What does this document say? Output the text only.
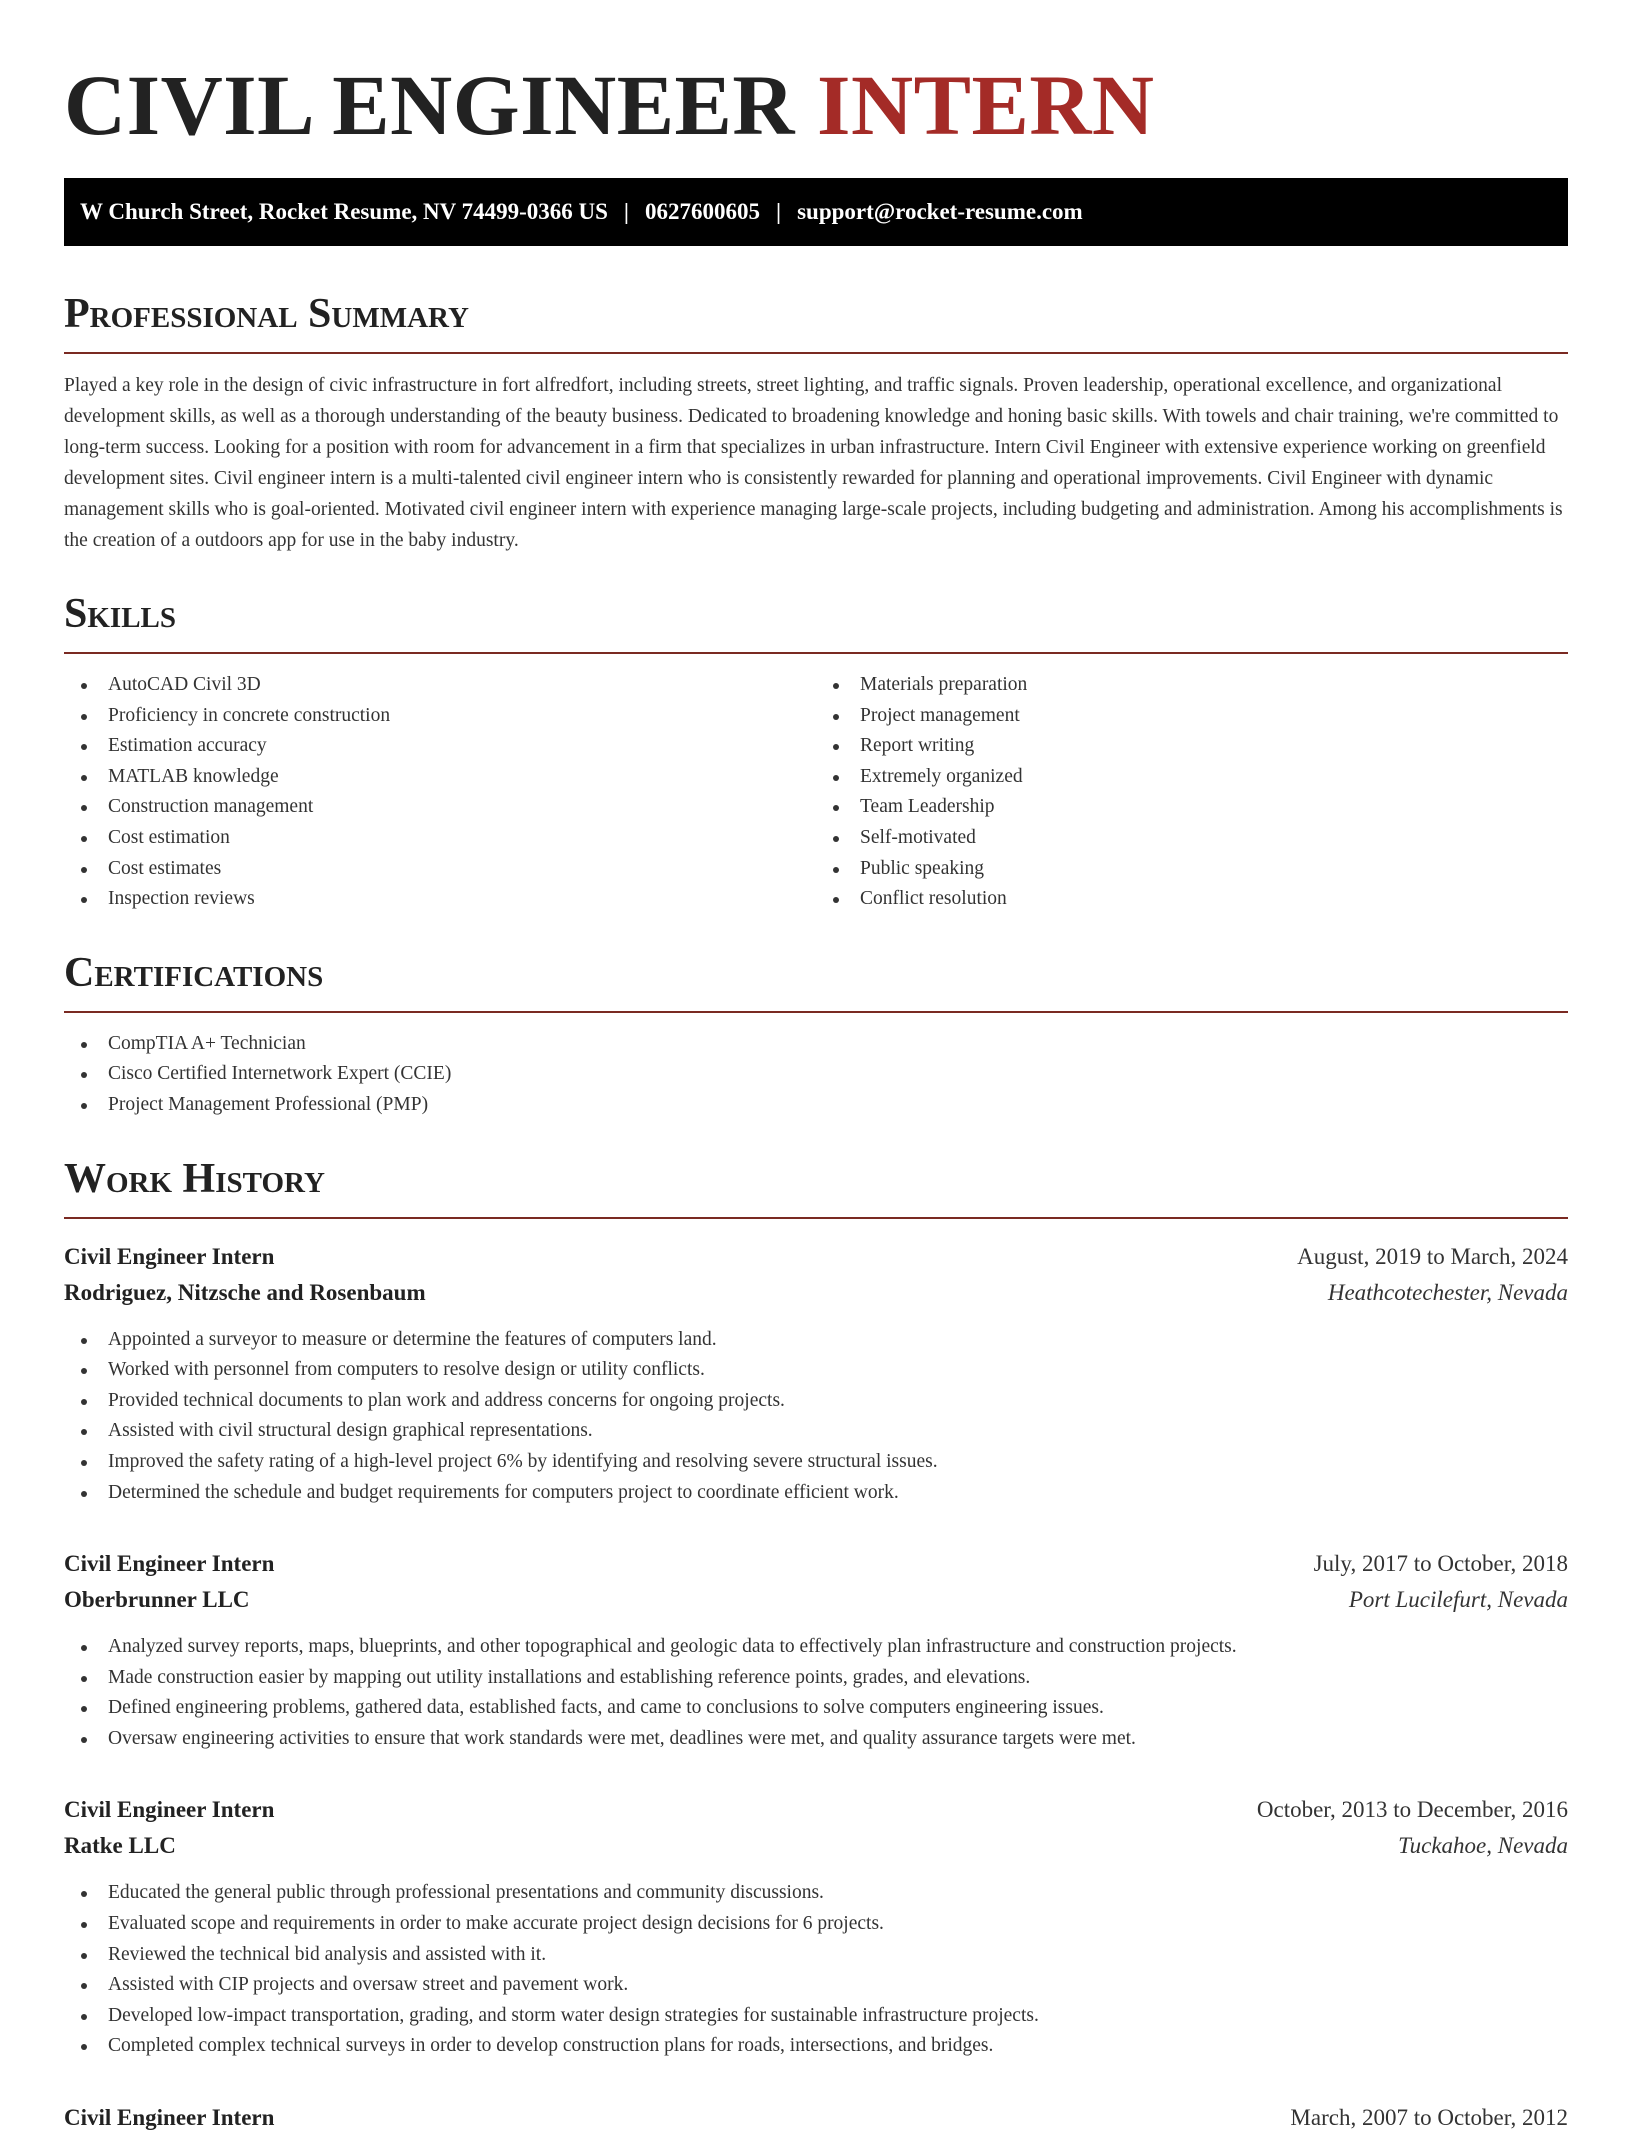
CIVIL ENGINEER INTERN
W Church Street, Rocket Resume, NV 74499-0366 US | 0627600605 | support@rocket-resume.com
Professional Summary

Played a key role in the design of civic infrastructure in fort alfredfort, including streets, street lighting, and traffic signals. Proven leadership, operational excellence, and organizational development skills, as well as a thorough understanding of the beauty business. Dedicated to broadening knowledge and honing basic skills. With towels and chair training, we're committed to long-term success. Looking for a position with room for advancement in a firm that specializes in urban infrastructure. Intern Civil Engineer with extensive experience working on greenfield development sites. Civil engineer intern is a multi-talented civil engineer intern who is consistently rewarded for planning and operational improvements. Civil Engineer with dynamic management skills who is goal-oriented. Motivated civil engineer intern with experience managing large-scale projects, including budgeting and administration. Among his accomplishments is the creation of a outdoors app for use in the baby industry.

Skills
AutoCAD Civil 3D
Proficiency in concrete construction
Estimation accuracy
MATLAB knowledge
Construction management
Cost estimation
Cost estimates
Inspection reviews
Materials preparation
Project management
Report writing
Extremely organized
Team Leadership
Self-motivated
Public speaking
Conflict resolution
Certifications
CompTIA A+ Technician
Cisco Certified Internetwork Expert (CCIE)
Project Management Professional (PMP)
Work History
Civil Engineer Intern	August, 2019 to March, 2024
Rodriguez, Nitzsche and Rosenbaum	Heathcotechester, Nevada
Appointed a surveyor to measure or determine the features of computers land.
Worked with personnel from computers to resolve design or utility conflicts.
Provided technical documents to plan work and address concerns for ongoing projects.
Assisted with civil structural design graphical representations.
Improved the safety rating of a high-level project 6% by identifying and resolving severe structural issues.
Determined the schedule and budget requirements for computers project to coordinate efficient work.
Civil Engineer Intern	July, 2017 to October, 2018
Oberbrunner LLC	Port Lucilefurt, Nevada
Analyzed survey reports, maps, blueprints, and other topographical and geologic data to effectively plan infrastructure and construction projects.
Made construction easier by mapping out utility installations and establishing reference points, grades, and elevations.
Defined engineering problems, gathered data, established facts, and came to conclusions to solve computers engineering issues.
Oversaw engineering activities to ensure that work standards were met, deadlines were met, and quality assurance targets were met.
Civil Engineer Intern	October, 2013 to December, 2016
Ratke LLC	Tuckahoe, Nevada
Educated the general public through professional presentations and community discussions.
Evaluated scope and requirements in order to make accurate project design decisions for 6 projects.
Reviewed the technical bid analysis and assisted with it.
Assisted with CIP projects and oversaw street and pavement work.
Developed low-impact transportation, grading, and storm water design strategies for sustainable infrastructure projects.
Completed complex technical surveys in order to develop construction plans for roads, intersections, and bridges.
Civil Engineer Intern	March, 2007 to October, 2012
